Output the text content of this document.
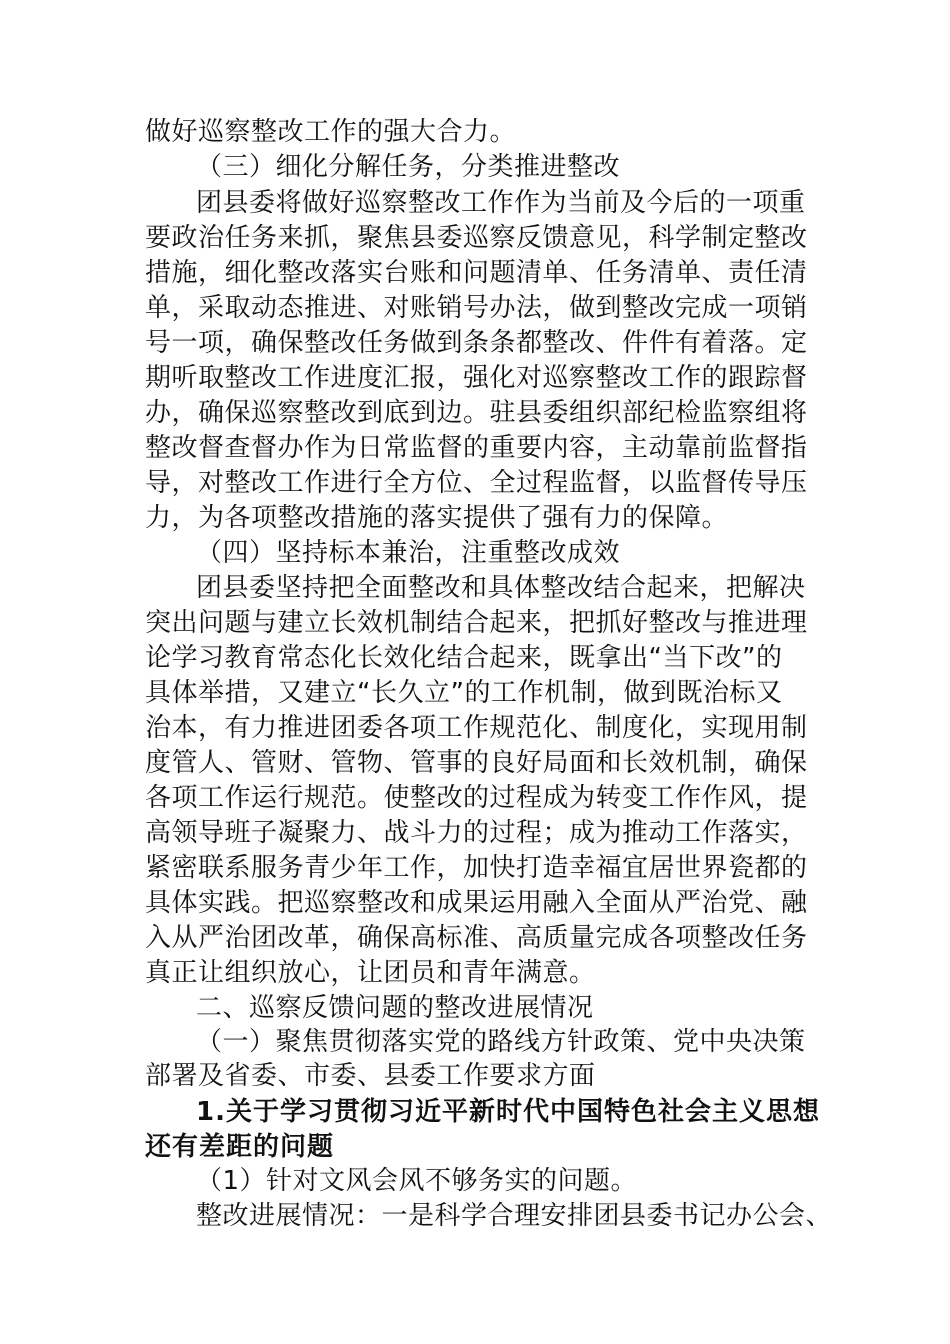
做好巡察整改工作的强大合力。
（三）细化分解任务，分类推进整改
团县委将做好巡察整改工作作为当前及今后的一项重
要政治任务来抓，聚焦县委巡察反馈意见，科学制定整改
措施，细化整改落实台账和问题清单、任务清单、责任清
单，采取动态推进、对账销号办法，做到整改完成一项销
号一项，确保整改任务做到条条都整改、件件有着落。定
期听取整改工作进度汇报，强化对巡察整改工作的跟踪督
办，确保巡察整改到底到边。驻县委组织部纪检监察组将
整改督查督办作为日常监督的重要内容，主动靠前监督指
导，对整改工作进行全方位、全过程监督，以监督传导压
力，为各项整改措施的落实提供了强有力的保障。
（四）坚持标本兼治，注重整改成效
团县委坚持把全面整改和具体整改结合起来，把解决
突出问题与建立长效机制结合起来，把抓好整改与推进理
论学习教育常态化长效化结合起来，既拿出“当下改”的
具体举措，又建立“长久立”的工作机制，做到既治标又
治本，有力推进团委各项工作规范化、制度化，实现用制
度管人、管财、管物、管事的良好局面和长效机制，确保
各项工作运行规范。使整改的过程成为转变工作作风，提
高领导班子凝聚力、战斗力的过程；成为推动工作落实，
紧密联系服务青少年工作，加快打造幸福宜居世界瓷都的
具体实践。把巡察整改和成果运用融入全面从严治党、融
入从严治团改革，确保高标准、高质量完成各项整改任务
真正让组织放心，让团员和青年满意。
二、巡察反馈问题的整改进展情况
（一）聚焦贯彻落实党的路线方针政策、党中央决策
部署及省委、市委、县委工作要求方面
1.关于学习贯彻习近平新时代中国特色社会主义思想
还有差距的问题
（1）针对文风会风不够务实的问题。
整改进展情况：一是科学合理安排团县委书记办公会、
